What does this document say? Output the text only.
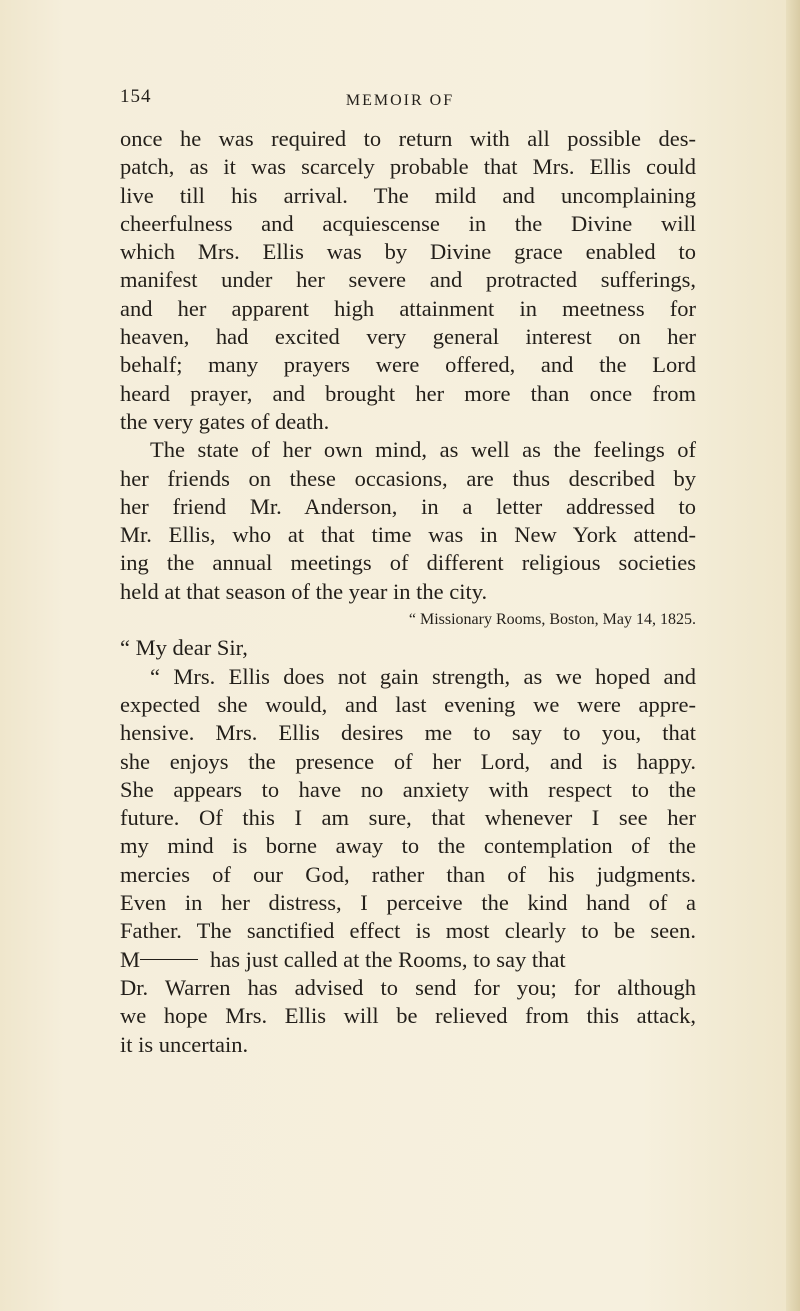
154	MEMOIR OF
once he was required to return with all possible des-
patch, as it was scarcely probable that Mrs. Ellis could
live till his arrival. The mild and uncomplaining
cheerfulness and acquiescense in the Divine will
which Mrs. Ellis was by Divine grace enabled to
manifest under her severe and protracted sufferings,
and her apparent high attainment in meetness for
heaven, had excited very general interest on her
behalf; many prayers were offered, and the Lord
heard prayer, and brought her more than once from
the very gates of death.
The state of her own mind, as well as the feelings of
her friends on these occasions, are thus described by
her friend Mr. Anderson, in a letter addressed to
Mr. Ellis, who at that time was in New York attend-
ing the annual meetings of different religious societies
held at that season of the year in the city.
“ Missionary Rooms, Boston, May 14, 1825.
“ My dear Sir,
“ Mrs. Ellis does not gain strength, as we hoped and
expected she would, and last evening we were appre-
hensive. Mrs. Ellis desires me to say to you, that
she enjoys the presence of her Lord, and is happy.
She appears to have no anxiety with respect to the
future. Of this I am sure, that whenever I see her
my mind is borne away to the contemplation of the
mercies of our God, rather than of his judgments.
Even in her distress, I perceive the kind hand of a
Father. The sanctified effect is most clearly to be seen.
M	has just called at the Rooms, to say that
Dr. Warren has advised to send for you; for although
we hope Mrs. Ellis will be relieved from this attack,
it is uncertain.
